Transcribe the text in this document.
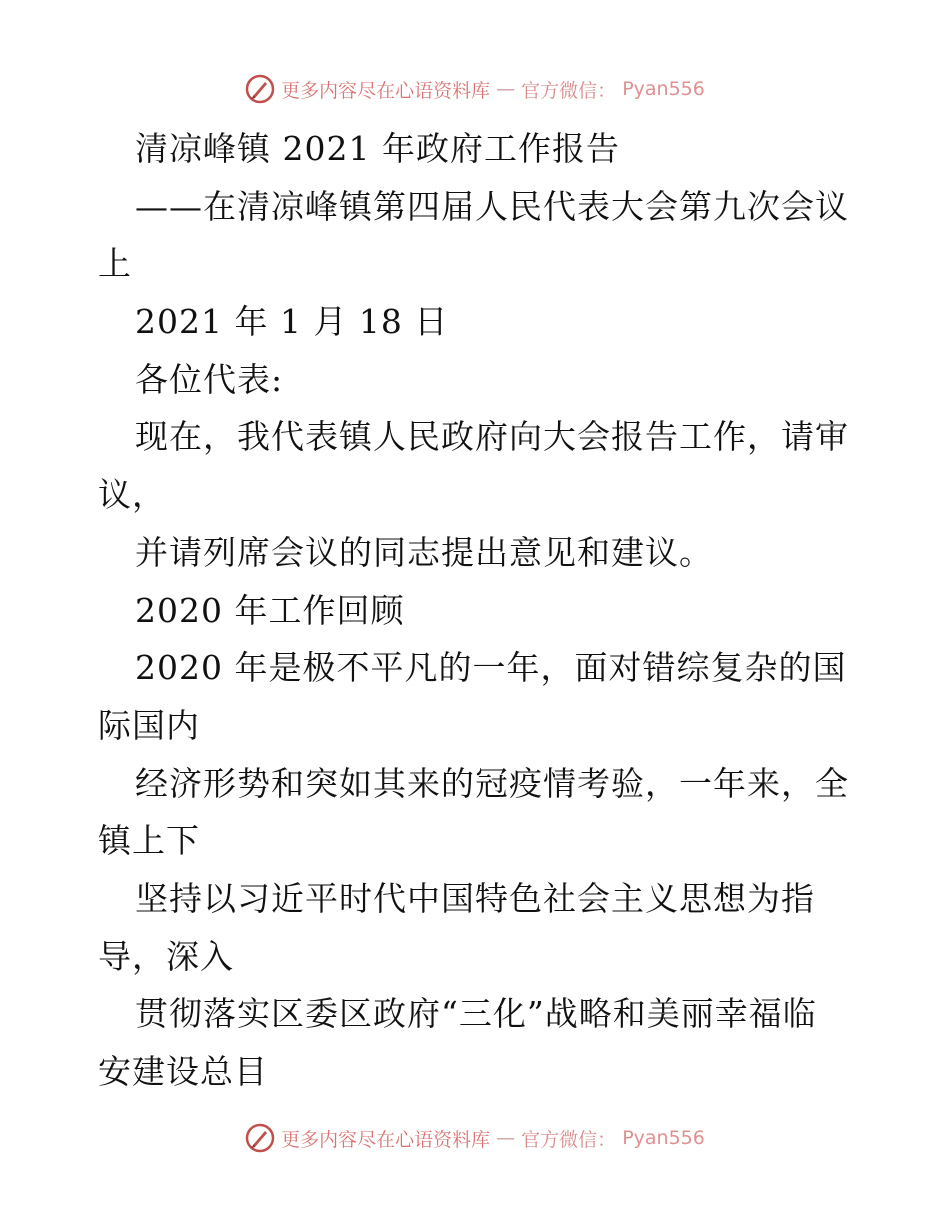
更多内容尽在心语资料库 — 官方微信： Pyan556
清凉峰镇 2021 年政府工作报告
——在清凉峰镇第四届人民代表大会第九次会议
上
2021 年 1 月 18 日
各位代表:
现在，我代表镇人民政府向大会报告工作，请审
议，
并请列席会议的同志提出意见和建议。
2020 年工作回顾
2020 年是极不平凡的一年，面对错综复杂的国
际国内
经济形势和突如其来的冠疫情考验，一年来，全
镇上下
坚持以习近平时代中国特色社会主义思想为指
导，深入
贯彻落实区委区政府“三化”战略和美丽幸福临
安建设总目
更多内容尽在心语资料库 — 官方微信： Pyan556
